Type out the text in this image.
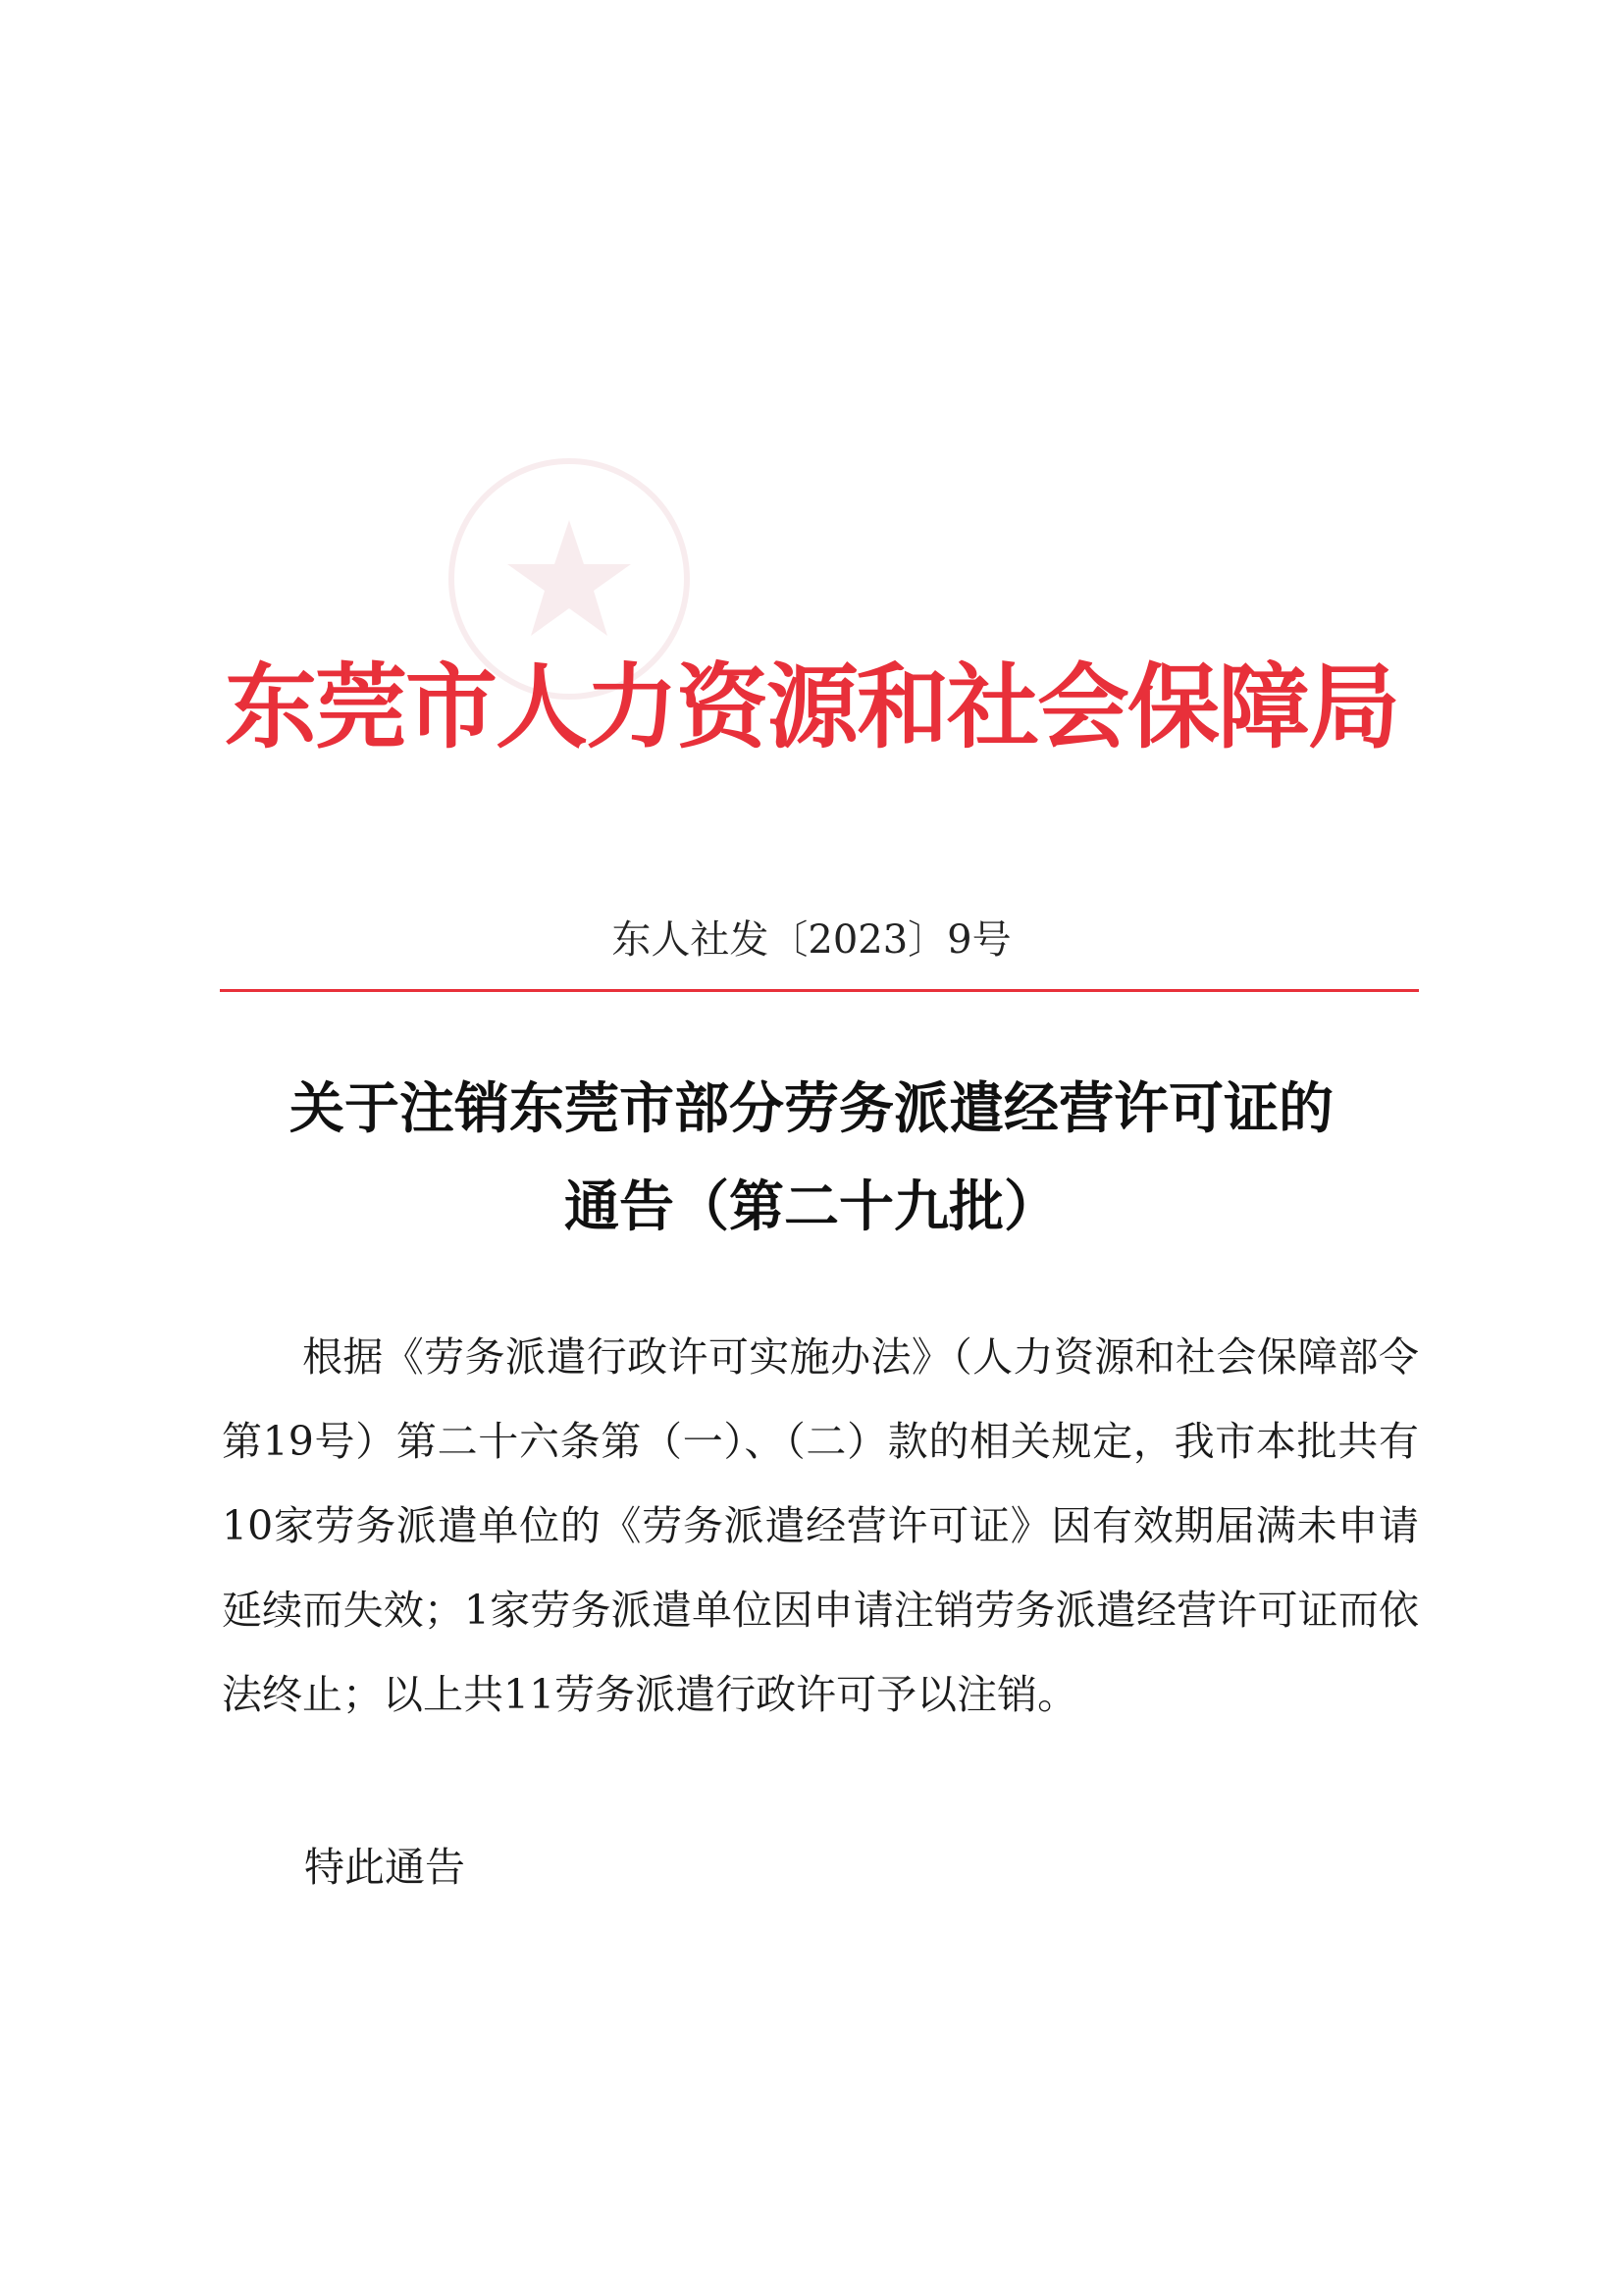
东莞市人力资源和社会保障局
东人社发〔2023〕9号
关于注销东莞市部分劳务派遣经营许可证的
通告（第二十九批）

根据《劳务派遣行政许可实施办法》（人力资源和社会保障部令第19号）第二十六条第（一）、（二）款的相关规定，我市本批共有10家劳务派遣单位的《劳务派遣经营许可证》因有效期届满未申请延续而失效；1家劳务派遣单位因申请注销劳务派遣经营许可证而依法终止；以上共11劳务派遣行政许可予以注销。

特此通告
